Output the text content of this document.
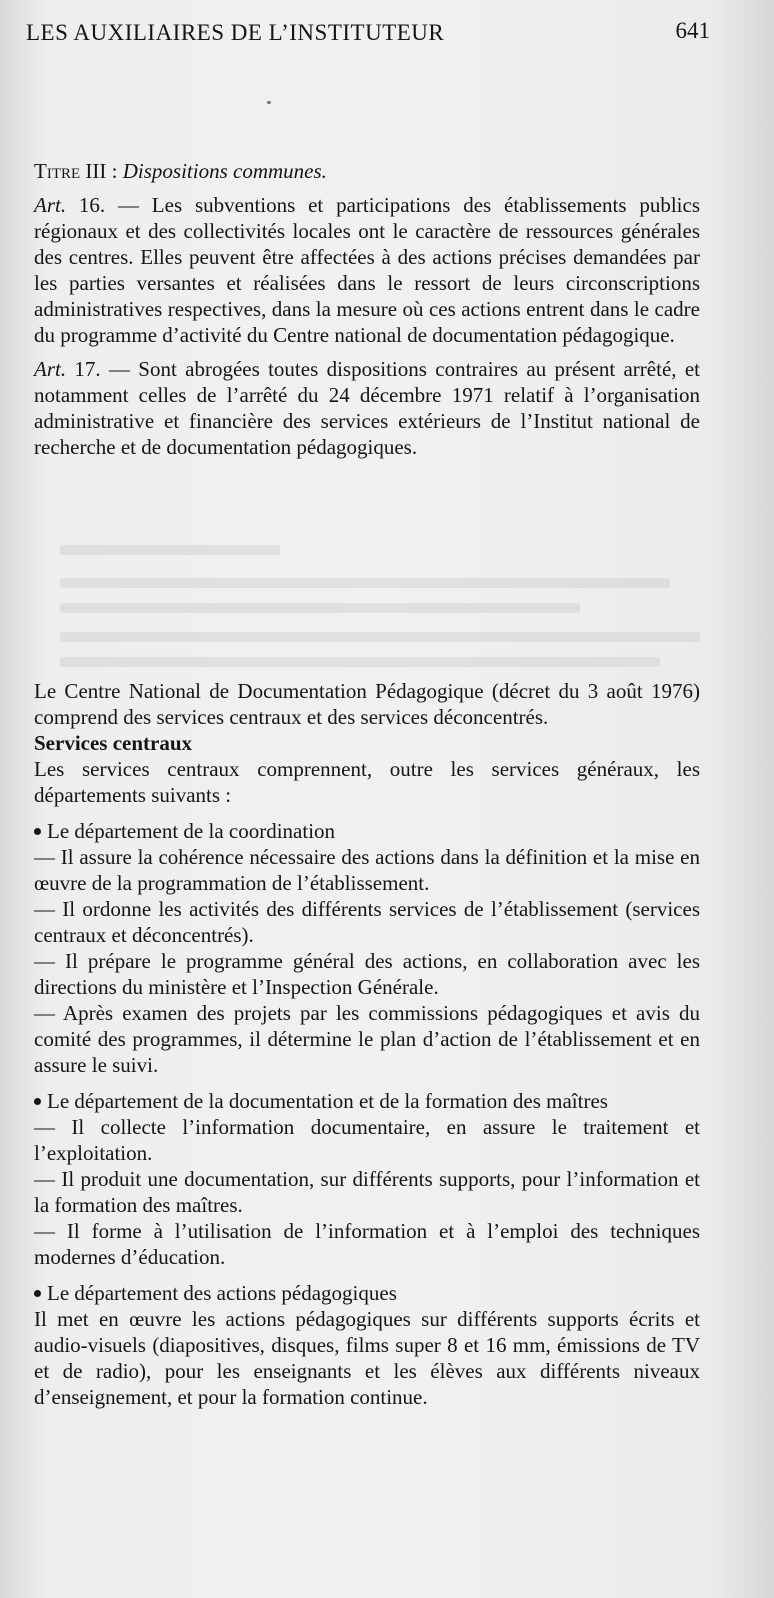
LES AUXILIAIRES DE L’INSTITUTEUR	641

Titre III : Dispositions communes.

Art. 16. — Les subventions et participations des établissements publics régionaux et des collectivités locales ont le caractère de ressources générales des centres. Elles peuvent être affectées à des actions précises demandées par les parties versantes et réalisées dans le ressort de leurs circonscriptions administratives respectives, dans la mesure où ces actions entrent dans le cadre du programme d’activité du Centre national de documentation pédagogique.

Art. 17. — Sont abrogées toutes dispositions contraires au présent arrêté, et notamment celles de l’arrêté du 24 décembre 1971 relatif à l’organisation administrative et financière des services extérieurs de l’Institut national de recherche et de documentation pédagogiques.

Le Centre National de Documentation Pédagogique (décret du 3 août 1976) comprend des services centraux et des services déconcentrés.

Services centraux

Les services centraux comprennent, outre les services généraux, les départements suivants :

Le département de la coordination

— Il assure la cohérence nécessaire des actions dans la définition et la mise en œuvre de la programmation de l’établissement.

— Il ordonne les activités des différents services de l’établissement (services centraux et déconcentrés).

— Il prépare le programme général des actions, en collaboration avec les directions du ministère et l’Inspection Générale.

— Après examen des projets par les commissions pédagogiques et avis du comité des programmes, il détermine le plan d’action de l’établissement et en assure le suivi.

Le département de la documentation et de la formation des maîtres

— Il collecte l’information documentaire, en assure le traitement et l’exploitation.

— Il produit une documentation, sur différents supports, pour l’information et la formation des maîtres.

— Il forme à l’utilisation de l’information et à l’emploi des techniques modernes d’éducation.

Le département des actions pédagogiques

Il met en œuvre les actions pédagogiques sur différents supports écrits et audio-visuels (diapositives, disques, films super 8 et 16 mm, émissions de TV et de radio), pour les enseignants et les élèves aux différents niveaux d’enseignement, et pour la formation continue.
